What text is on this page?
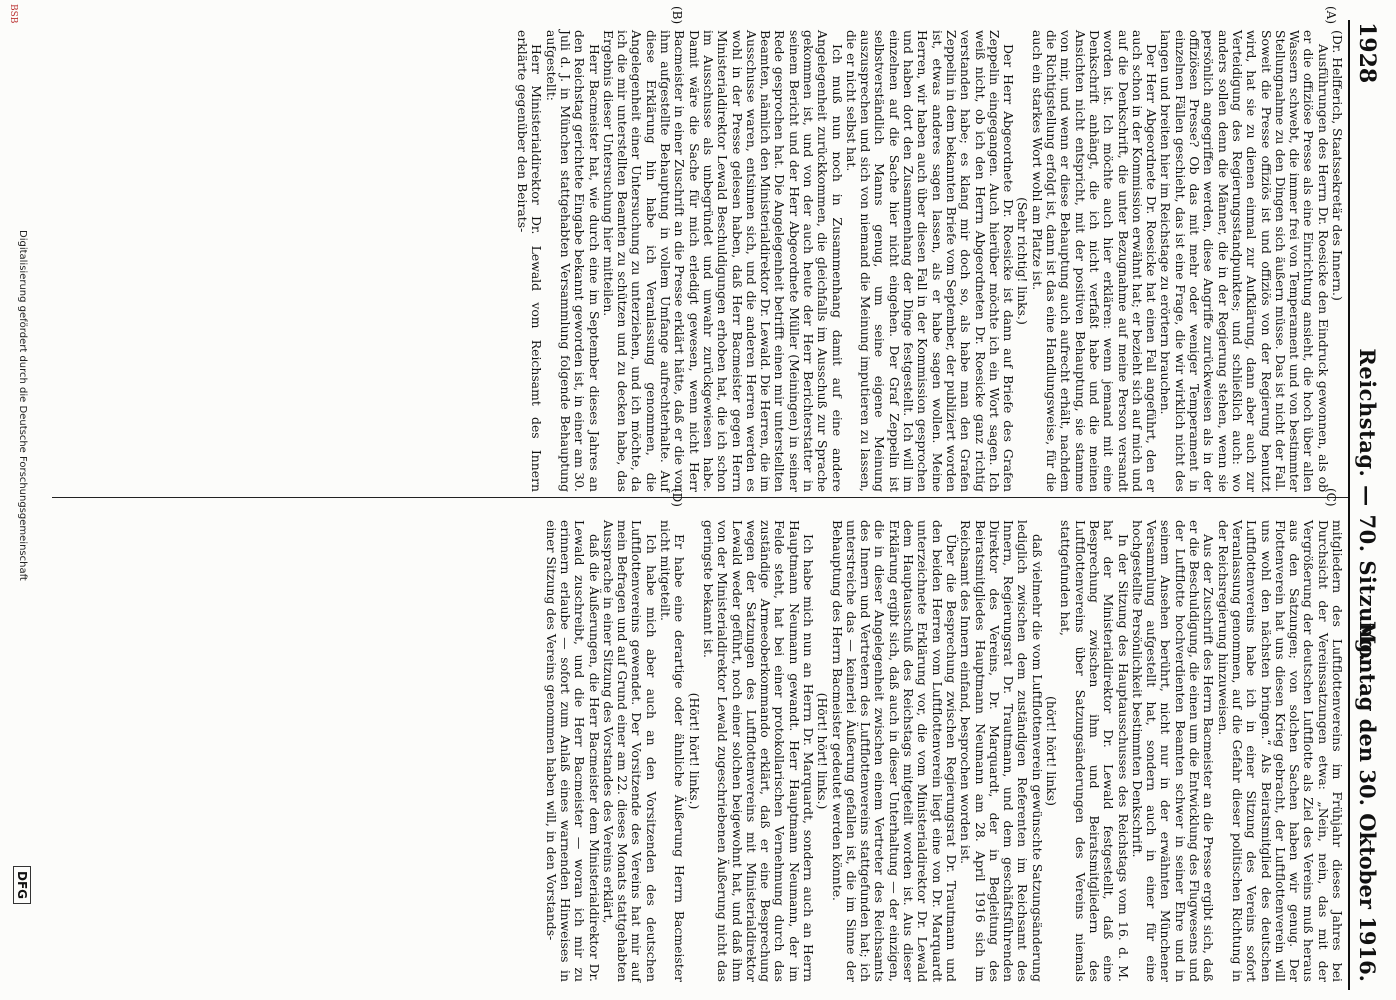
1928
Reichstag. — 70. Sitzung.
Montag den 30. Oktober 1916.
(A)
(B)
(C)
(D)

(Dr. Helfferich, Staatssekretär des Innern.)

Ausführungen des Herrn Dr. Roesicke den Eindruck gewonnen, als ob er die offiziöse Presse als eine Einrichtung ansieht, die hoch über allen Wassern schwebt, die immer frei von Temperament und von bestimmter Stellungnahme zu den Dingen sich äußern müsse. Das ist nicht der Fall. Soweit die Presse offiziös ist und offiziös von der Regierung benutzt wird, hat sie zu dienen einmal zur Aufklärung, dann aber auch zur Verteidigung des Regierungsstandpunktes; und schließlich auch: wo anders sollen denn die Männer, die in der Regierung stehen, wenn sie persönlich angegriffen werden, diese Angriffe zurückweisen als in der offiziösen Presse? Ob das mit mehr oder weniger Temperament in einzelnen Fällen geschieht, das ist eine Frage, die wir wirklich nicht des langen und breiten hier im Reichstage zu erörtern brauchen.

Der Herr Abgeordnete Dr. Roesicke hat einen Fall angeführt, den er auch schon in der Kommission erwähnt hat; er bezieht sich auf mich und auf die Denkschrift, die unter Bezugnahme auf meine Person versandt worden ist. Ich möchte auch hier erklären: wenn jemand mit eine Denkschrift anhängt, die ich nicht verfaßt habe und die meinen Ansichten nicht entspricht, mit der positiven Behauptung, sie stamme von mir, und wenn er diese Behauptung auch aufrecht erhält, nachdem die Richtigstellung erfolgt ist, dann ist das eine Handlungsweise, für die auch ein starkes Wort wohl am Platze ist.

(Sehr richtig! links.)

Der Herr Abgeordnete Dr. Roesicke ist dann auf Briefe des Grafen Zeppelin eingegangen. Auch hierüber möchte ich ein Wort sagen. Ich weiß nicht, ob ich den Herrn Abgeordneten Dr. Roesicke ganz richtig verstanden habe; es klang mir doch so, als habe man den Grafen Zeppelin in dem bekannten Briefe vom September, der publiziert worden ist, etwas anderes sagen lassen, als er habe sagen wollen. Meine Herren, wir haben auch über diesen Fall in der Kommission gesprochen und haben dort den Zusammenhang der Dinge festgestellt. Ich will im einzelnen auf die Sache hier nicht eingehen. Der Graf Zeppelin ist selbstverständlich Manns genug, um seine eigene Meinung auszusprechen und sich von niemand die Meinung imputieren zu lassen, die er nicht selbst hat.

Ich muß nun noch in Zusammenhang damit auf eine andere Angelegenheit zurückkommen, die gleichfalls im Ausschuß zur Sprache gekommen ist, und von der auch heute der Herr Berichterstatter in seinem Bericht und der Herr Abgeordnete Müller (Meiningen) in seiner Rede gesprochen hat. Die Angelegenheit betrifft einen mir unterstellten Beamten, nämlich den Ministerialdirektor Dr. Lewald. Die Herren, die im Ausschusse waren, entsinnen sich, und die anderen Herren werden es wohl in der Presse gelesen haben, daß Herr Bacmeister gegen Herrn Ministerialdirektor Lewald Beschuldigungen erhoben hat, die ich schon im Ausschusse als unbegründet und unwahr zurückgewiesen habe. Damit wäre die Sache für mich erledigt gewesen, wenn nicht Herr Bacmeister in einer Zuschrift an die Presse erklärt hätte, daß er die von ihm aufgestellte Behauptung in vollem Umfange aufrechterhalte. Auf diese Erklärung hin habe ich Veranlassung genommen, die Angelegenheit einer Untersuchung zu unterziehen, und ich möchte, da ich die mir unterstellten Beamten zu schützen und zu decken habe, das Ergebnis dieser Untersuchung hier mitteilen.

Herr Bacmeister hat, wie durch eine im September dieses Jahres an den Reichstag gerichtete Eingabe bekannt geworden ist, in einer am 30. Juli d. J. in München stattgehabten Versammlung folgende Behauptung aufgestellt:

Herr Ministerialdirektor Dr. Lewald vom Reichsamt des Innern erklärte gegenüber den Beirats-

mitgliedern des Luftflottenvereins im Frühjahr dieses Jahres bei Durchsicht der Vereinssatzungen etwa: „Nein, nein, das mit der Vergrößerung der deutschen Luftflotte als Ziel des Vereins muß heraus aus den Satzungen; von solchen Sachen haben wir genug. Der Flottenverein hat uns diesen Krieg gebracht, der Luftflottenverein will uns wohl den nächsten bringen.“ Als Beiratsmitglied des deutschen Luftflottenvereins habe ich in einer Sitzung des Vereins sofort Veranlassung genommen, auf die Gefahr dieser politischen Richtung in der Reichsregierung hinzuweisen.

Aus der Zuschrift des Herrn Bacmeister an die Presse ergibt sich, daß er die Beschuldigung, die einen um die Entwicklung des Flugwesens und der Luftflotte hochverdienten Beamten schwer in seiner Ehre und in seinem Ansehen berührt, nicht nur in der erwähnten Münchener Versammlung aufgestellt hat, sondern auch in einer für eine hochgestellte Persönlichkeit bestimmten Denkschrift.

In der Sitzung des Hauptausschusses des Reichstags vom 16. d. M. hat der Ministerialdirektor Dr. Lewald festgestellt, daß eine Besprechung zwischen ihm und Beiratsmitgliedern des Luftflottenvereins über Satzungsänderungen des Vereins niemals stattgefunden hat,

(hört! hört! links)

daß vielmehr die vom Luftflottenverein gewünschte Satzungsänderung lediglich zwischen dem zuständigen Referenten im Reichsamt des Innern, Regierungsrat Dr. Trautmann, und dem geschäftsführenden Direktor des Vereins, Dr. Marquardt, der in Begleitung des Beiratsmitgliedes Hauptmann Neumann am 28. April 1916 sich im Reichsamt des Innern einfand, besprochen worden ist.

Über die Besprechung zwischen Regierungsrat Dr. Trautmann und den beiden Herren vom Luftflottenverein liegt eine von Dr. Marquardt unterzeichnete Erklärung vor, die vom Ministerialdirektor Dr. Lewald dem Hauptausschuß des Reichstags mitgeteilt worden ist. Aus dieser Erklärung ergibt sich, daß auch in dieser Unterhaltung — der einzigen, die in dieser Angelegenheit zwischen einem Vertreter des Reichsamts des Innern und Vertretern des Luftflottenvereins stattgefunden hat; ich unterstreiche das — keinerlei Äußerung gefallen ist, die im Sinne der Behauptung des Herrn Bacmeister gedeutet werden könnte.

(Hört! hört! links.)

Ich habe mich nun an Herrn Dr. Marquardt, sondern auch an Herrn Hauptmann Neumann gewandt. Herr Hauptmann Neumann, der im Felde steht, hat bei einer protokollarischen Vernehmung durch das zuständige Armeeoberkommando erklärt, daß er eine Besprechung wegen der Satzungen des Luftflottenvereins mit Ministerialdirektor Lewald weder geführt, noch einer solchen beigewohnt hat, und daß ihm von der Ministerialdirektor Lewald zugeschriebenen Äußerung nicht das geringste bekannt ist.

(Hört! hört! links.)

Er habe eine derartige oder ähnliche Äußerung Herrn Bacmeister nicht mitgeteilt.

Ich habe mich aber auch an den Vorsitzenden des deutschen Luftflottenvereins gewendet. Der Vorsitzende des Vereins hat mir auf mein Befragen und auf Grund einer am 22. dieses Monats stattgehabten Aussprache in einer Sitzung des Vorstandes des Vereins erklärt,

daß die Äußerungen, die Herr Bacmeister dem Ministerialdirektor Dr. Lewald zuschreibt, und die Herr Bacmeister — woran ich mir zu erinnern erlaube — sofort zum Anlaß eines warnenden Hinweises in einer Sitzung des Vereins genommen haben will, in den Vorstands-

BSB
DFG
Digitalisierung gefördert durch die Deutsche Forschungsgemeinschaft
